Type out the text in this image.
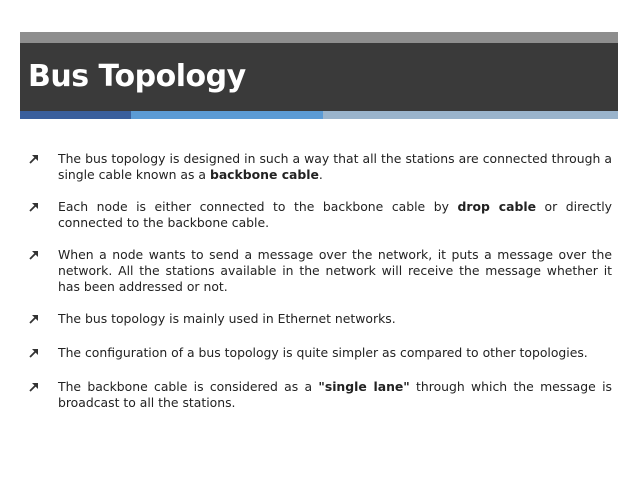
Bus Topology
The bus topology is designed in such a way that all the stations are connected through a single cable known as a backbone cable.
Each node is either connected to the backbone cable by drop cable or directly connected to the backbone cable.
When a node wants to send a message over the network, it puts a message over the network. All the stations available in the network will receive the message whether it has been addressed or not.
The bus topology is mainly used in Ethernet networks.
The configuration of a bus topology is quite simpler as compared to other topologies.
The backbone cable is considered as a "single lane" through which the message is broadcast to all the stations.
